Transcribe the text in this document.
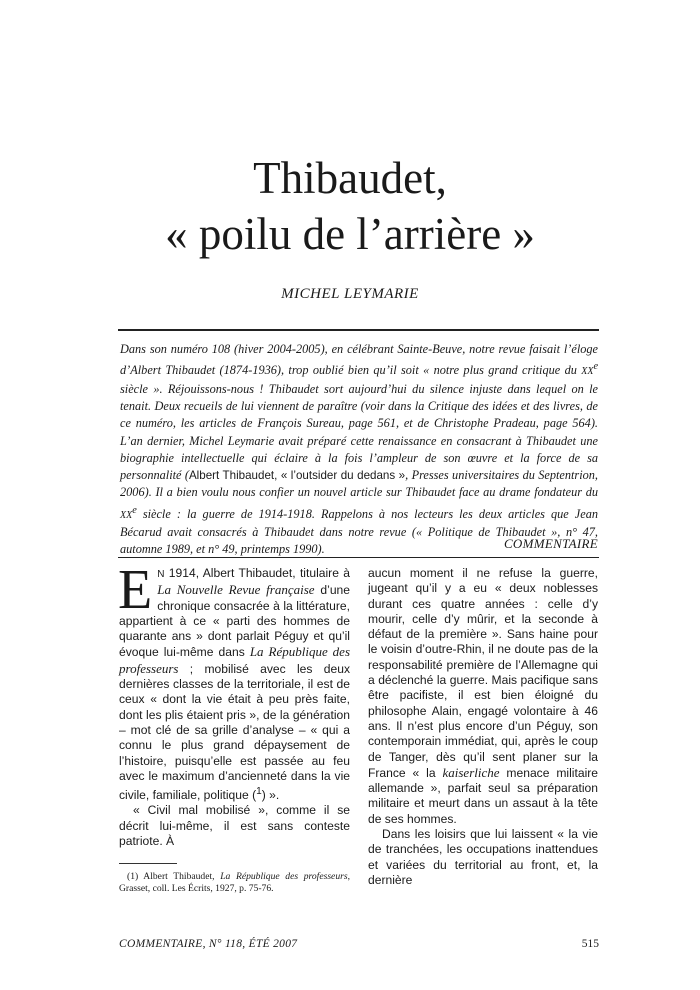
Thibaudet,
« poilu de l’arrière »

MICHEL LEYMARIE

Dans son numéro 108 (hiver 2004-2005), en célébrant Sainte-Beuve, notre revue faisait l’éloge d’Albert Thibaudet (1874-1936), trop oublié bien qu’il soit « notre plus grand critique du XXe siècle ». Réjouissons-nous ! Thibaudet sort aujourd’hui du silence injuste dans lequel on le tenait. Deux recueils de lui viennent de paraître (voir dans la Critique des idées et des livres, de ce numéro, les articles de François Sureau, page 561, et de Christophe Pradeau, page 564). L’an dernier, Michel Leymarie avait préparé cette renaissance en consacrant à Thibaudet une biographie intellectuelle qui éclaire à la fois l’ampleur de son œuvre et la force de sa personnalité (Albert Thibaudet, « l’outsider du dedans », Presses universitaires du Septentrion, 2006). Il a bien voulu nous confier un nouvel article sur Thibaudet face au drame fondateur du XXe siècle : la guerre de 1914-1918. Rappelons à nos lecteurs les deux articles que Jean Bécarud avait consacrés à Thibaudet dans notre revue (« Politique de Thibaudet », n° 47, automne 1989, et n° 49, printemps 1990).	COMMENTAIRE

E N 1914, Albert Thibaudet, titulaire à La Nouvelle Revue française d’une chronique consacrée à la littérature, appartient à ce « parti des hommes de quarante ans » dont parlait Péguy et qu’il évoque lui-même dans La République des professeurs ; mobilisé avec les deux dernières classes de la territoriale, il est de ceux « dont la vie était à peu près faite, dont les plis étaient pris », de la génération – mot clé de sa grille d’analyse – « qui a connu le plus grand dépaysement de l’histoire, puisqu’elle est passée au feu avec le maximum d’ancienneté dans la vie civile, familiale, politique ($^1$) ».

« Civil mal mobilisé », comme il se décrit lui-même, il est sans conteste patriote. À

(1) Albert Thibaudet, La République des professeurs, Grasset, coll. Les Écrits, 1927, p. 75-76.

aucun moment il ne refuse la guerre, jugeant qu’il y a eu « deux noblesses durant ces quatre années : celle d’y mourir, celle d’y mûrir, et la seconde à défaut de la première ». Sans haine pour le voisin d’outre-Rhin, il ne doute pas de la responsabilité première de l’Allemagne qui a déclenché la guerre. Mais pacifique sans être pacifiste, il est bien éloigné du philosophe Alain, engagé volontaire à 46 ans. Il n’est plus encore d’un Péguy, son contemporain immédiat, qui, après le coup de Tanger, dès qu’il sent planer sur la France « la kaiserliche menace militaire allemande », parfait seul sa préparation militaire et meurt dans un assaut à la tête de ses hommes.

Dans les loisirs que lui laissent « la vie de tranchées, les occupations inattendues et variées du territorial au front, et, la dernière

COMMENTAIRE, N° 118, ÉTÉ 2007	515
